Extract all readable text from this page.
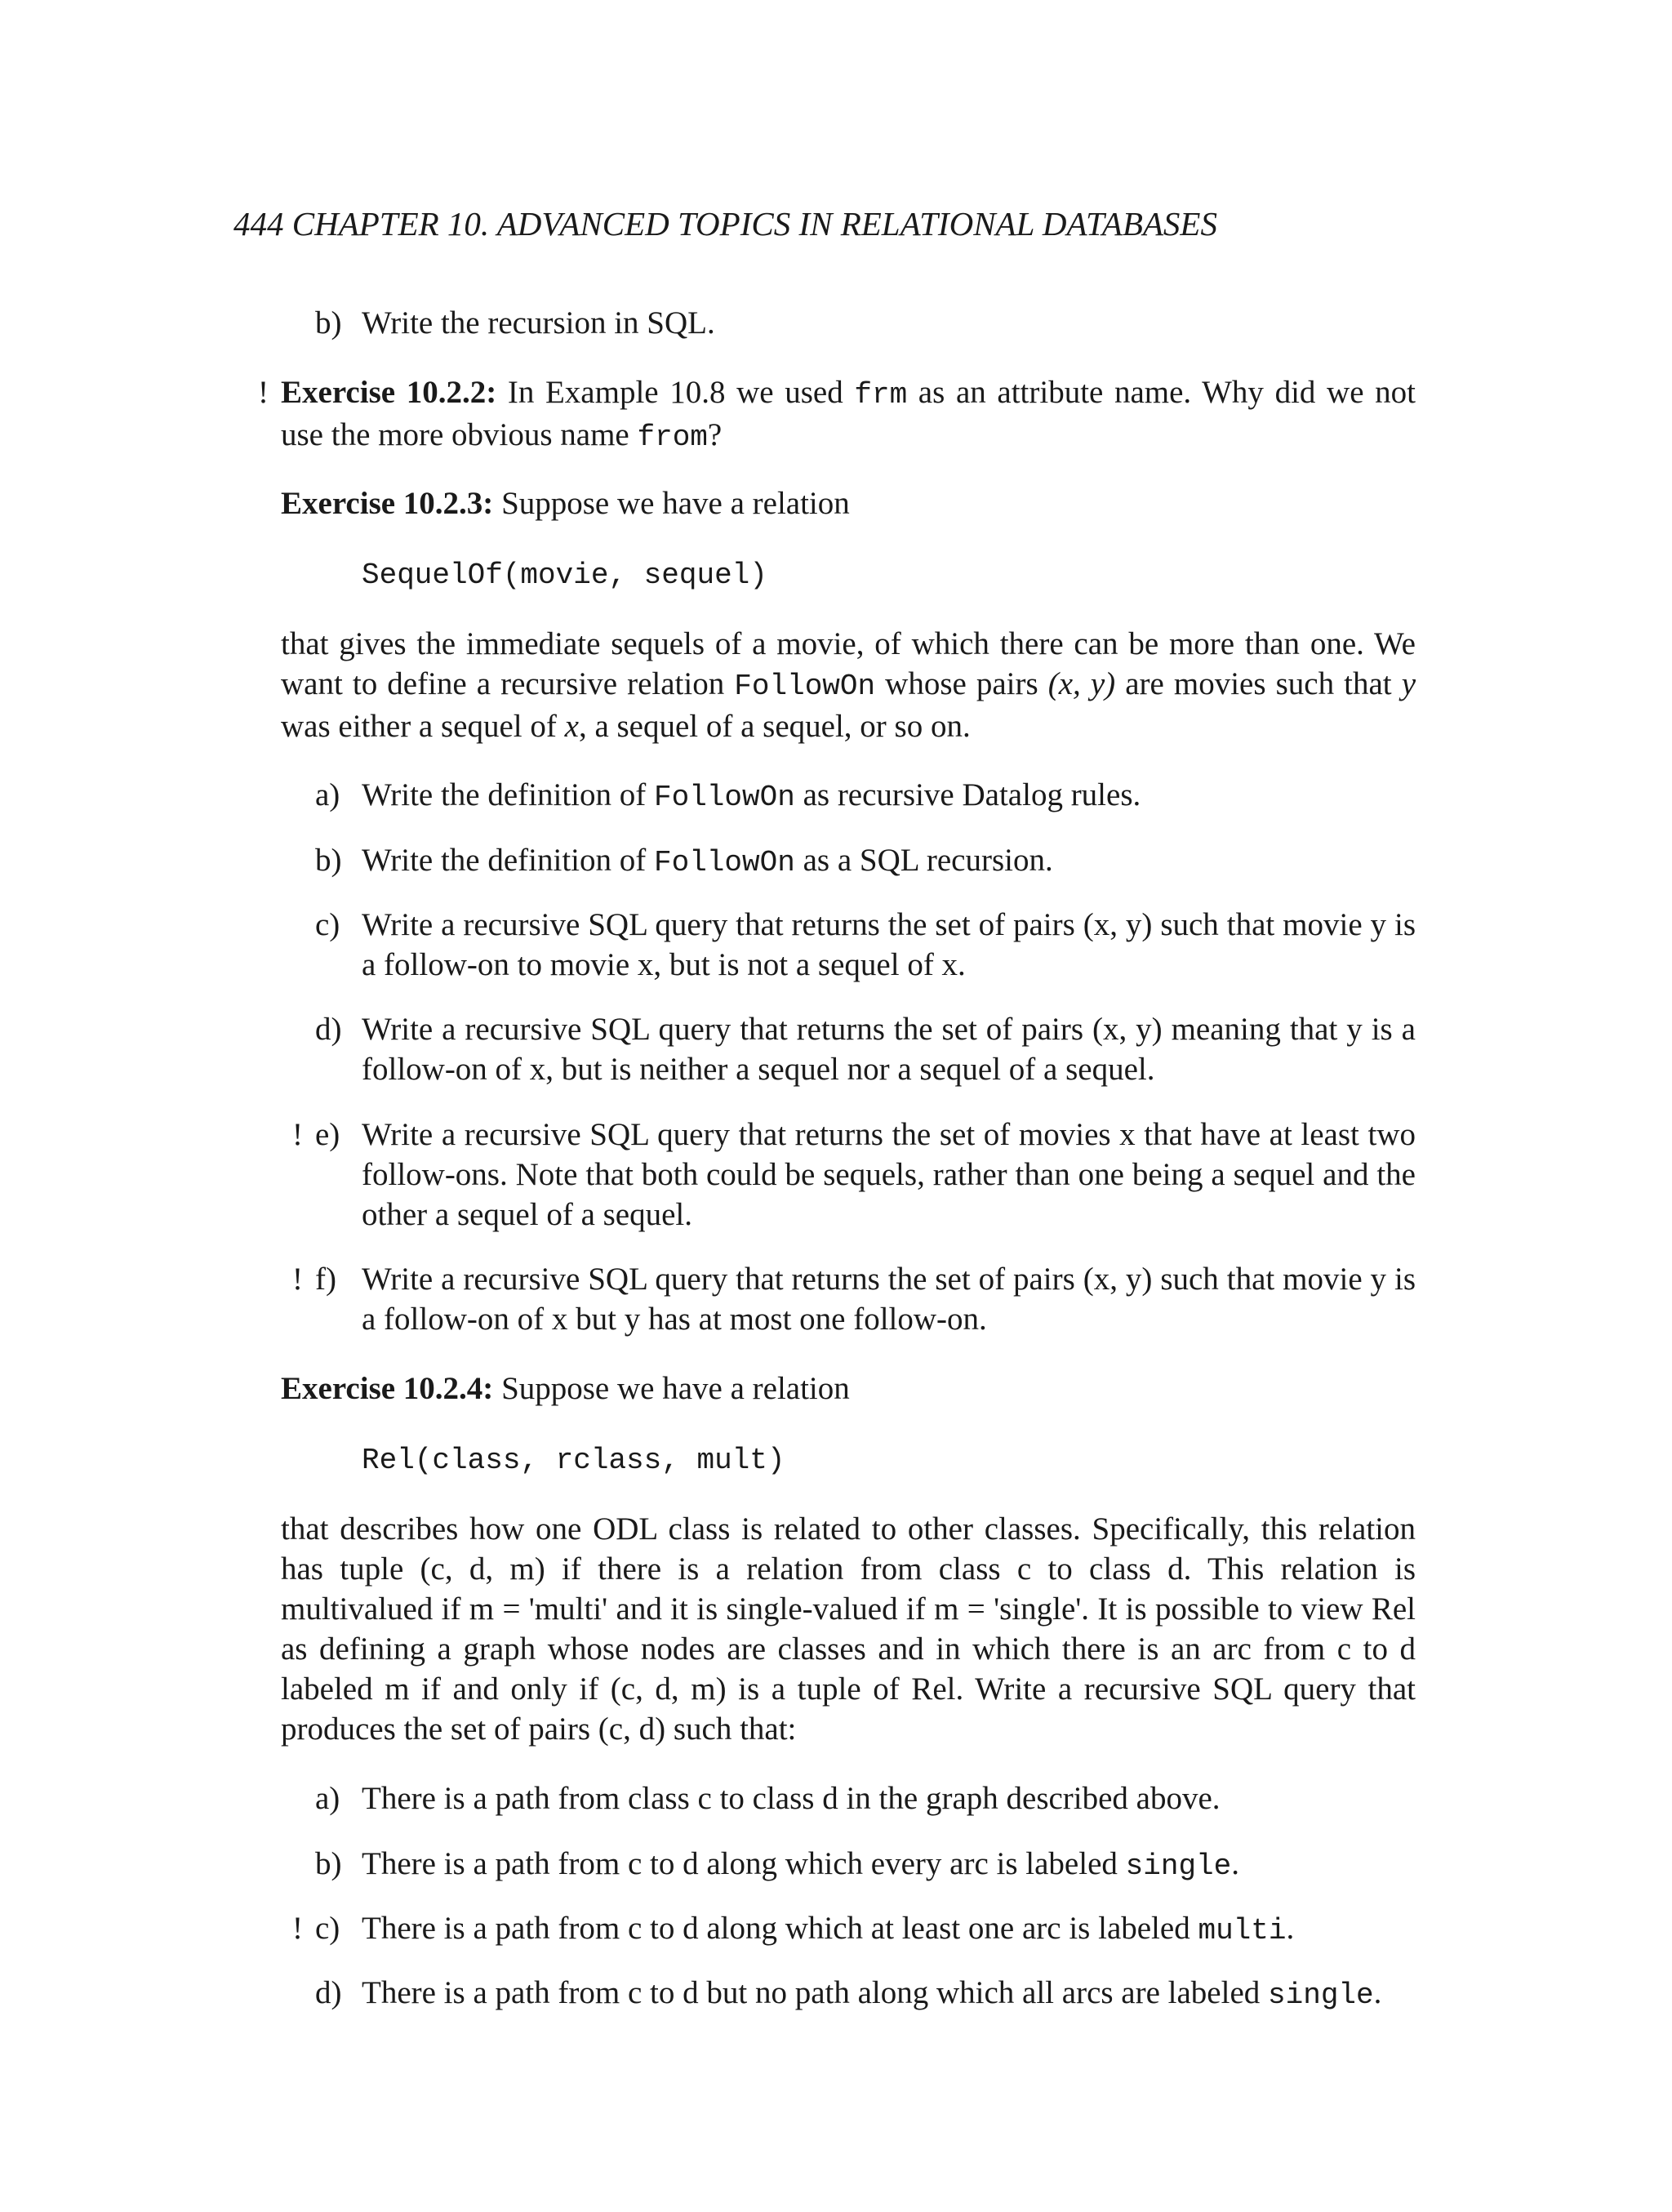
444 CHAPTER 10. ADVANCED TOPICS IN RELATIONAL DATABASES
b) Write the recursion in SQL.
! Exercise 10.2.2: In Example 10.8 we used frm as an attribute name. Why did we not use the more obvious name from?

Exercise 10.2.3: Suppose we have a relation

SequelOf(movie, sequel)

that gives the immediate sequels of a movie, of which there can be more than one. We want to define a recursive relation FollowOn whose pairs (x, y) are movies such that y was either a sequel of x, a sequel of a sequel, or so on.

a) Write the definition of FollowOn as recursive Datalog rules.
b) Write the definition of FollowOn as a SQL recursion.
c) Write a recursive SQL query that returns the set of pairs (x, y) such that movie y is a follow-on to movie x, but is not a sequel of x.
d) Write a recursive SQL query that returns the set of pairs (x, y) meaning that y is a follow-on of x, but is neither a sequel nor a sequel of a sequel.
! e) Write a recursive SQL query that returns the set of movies x that have at least two follow-ons. Note that both could be sequels, rather than one being a sequel and the other a sequel of a sequel.
! f) Write a recursive SQL query that returns the set of pairs (x, y) such that movie y is a follow-on of x but y has at most one follow-on.

Exercise 10.2.4: Suppose we have a relation

Rel(class, rclass, mult)

that describes how one ODL class is related to other classes. Specifically, this relation has tuple (c, d, m) if there is a relation from class c to class d. This relation is multivalued if m = 'multi' and it is single-valued if m = 'single'. It is possible to view Rel as defining a graph whose nodes are classes and in which there is an arc from c to d labeled m if and only if (c, d, m) is a tuple of Rel. Write a recursive SQL query that produces the set of pairs (c, d) such that:

a) There is a path from class c to class d in the graph described above.
b) There is a path from c to d along which every arc is labeled single.
! c) There is a path from c to d along which at least one arc is labeled multi.
d) There is a path from c to d but no path along which all arcs are labeled single.
